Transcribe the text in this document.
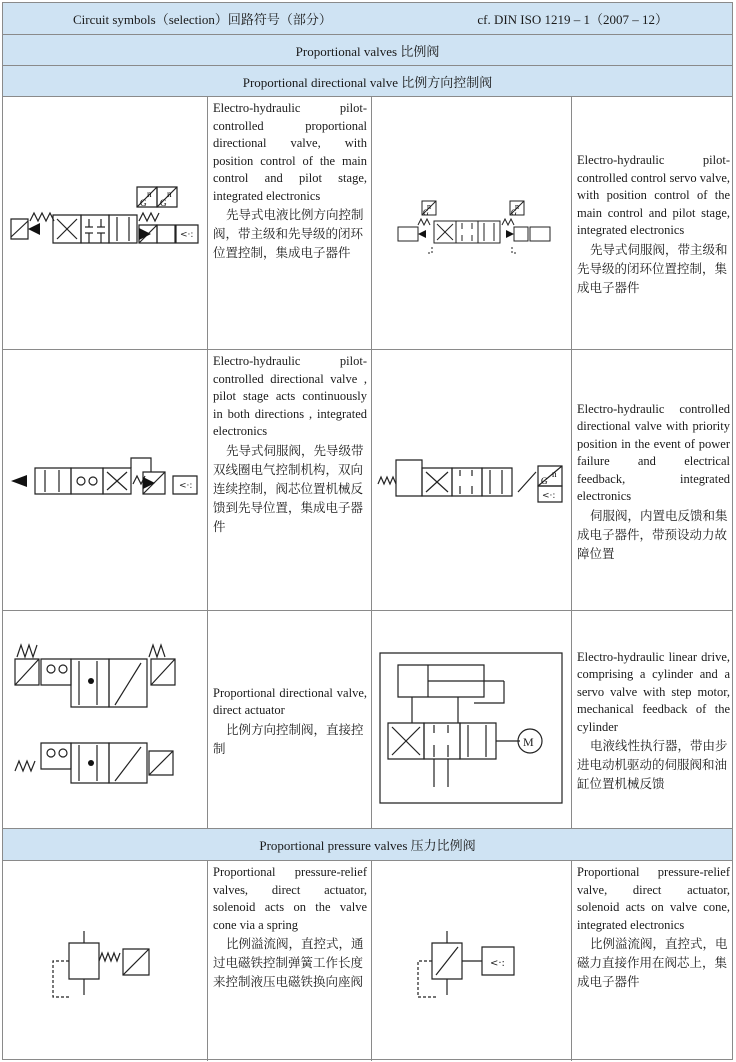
Circuit symbols（selection）回路符号（部分）	cf. DIN ISO 1219 – 1（2007 – 12）
Proportional valves 比例阀
Proportional directional valve 比例方向控制阀
n
G
n
G
<·:
Electro-hydraulic pilot-controlled proportional directional valve, with position control of the main control and pilot stage, integrated electronics
先导式电液比例方向控制阀，带主级和先导级的闭环位置控制，集成电子器件
n
G
n
G
Electro-hydraulic pilot-controlled control servo valve, with position control of the main control and pilot stage, integrated electronics
先导式伺服阀，带主级和先导级的闭环位置控制，集成电子器件
<·:
Electro-hydraulic pilot-controlled directional valve , pilot stage acts continuously in both directions , integrated electronics
先导式伺服阀，先导级带双线圈电气控制机构，双向连续控制，阀芯位置机械反馈到先导位置，集成电子器件
n
G
<·:
Electro-hydraulic controlled directional valve with priority position in the event of power failure and electrical feedback, integrated electronics
伺服阀，内置电反馈和集成电子器件，带预设动力故障位置
Proportional directional valve, direct actuator
比例方向控制阀，直接控制	M
Electro-hydraulic linear drive, comprising a cylinder and a servo valve with step motor, mechanical feedback of the cylinder
电液线性执行器，带由步进电动机驱动的伺服阀和油缸位置机械反馈
Proportional pressure valves 压力比例阀
Proportional pressure-relief valves, direct actuator, solenoid acts on the valve cone via a spring
比例溢流阀，直控式，通过电磁铁控制弹簧工作长度来控制液压电磁铁换向座阀
<·:
Proportional pressure-relief valve, direct actuator, solenoid acts on valve cone, integrated electronics
比例溢流阀，直控式，电磁力直接作用在阀芯上，集成电子器件
